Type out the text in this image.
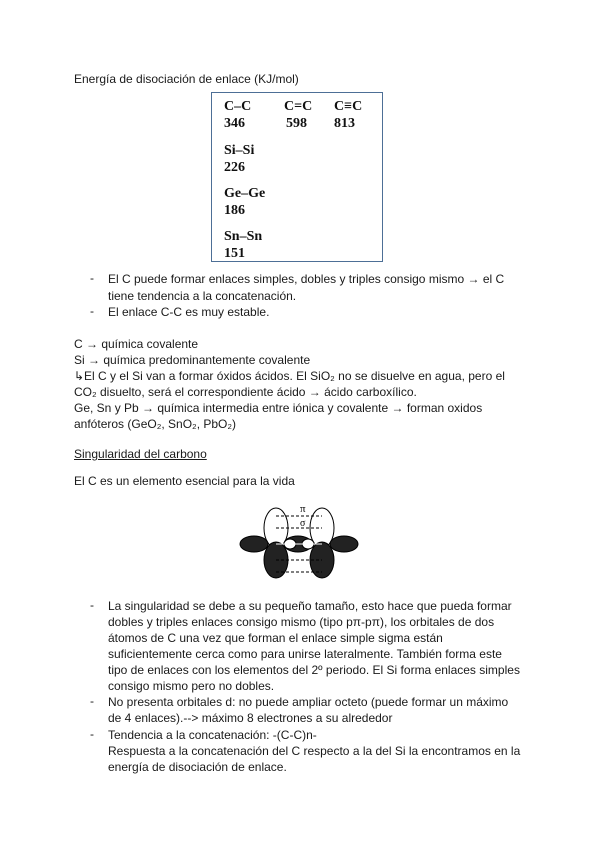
Energía de disociación de enlace (KJ/mol)
C–C C=C C≡C
346	598 813
Si–Si
226
Ge–Ge
186
Sn–Sn
151
- El C puede formar enlaces simples, dobles y triples consigo mismo → el C
tiene tendencia a la concatenación.
- El enlace C-C es muy estable.
C → química covalente
Si → química predominantemente covalente
↳El C y el Si van a formar óxidos ácidos. El SiO₂ no se disuelve en agua, pero el
CO₂ disuelto, será el correspondiente ácido → ácido carboxílico.
Ge, Sn y Pb → química intermedia entre iónica y covalente → forman oxidos
anfóteros (GeO₂, SnO₂, PbO₂)
Singularidad del carbono
El C es un elemento esencial para la vida
π
σ
- La singularidad se debe a su pequeño tamaño, esto hace que pueda formar
dobles y triples enlaces consigo mismo (tipo pπ-pπ), los orbitales de dos
átomos de C una vez que forman el enlace simple sigma están
suficientemente cerca como para unirse lateralmente. También forma este
tipo de enlaces con los elementos del 2º periodo. El Si forma enlaces simples
consigo mismo pero no dobles.
- No presenta orbitales d: no puede ampliar octeto (puede formar un máximo
de 4 enlaces).--> máximo 8 electrones a su alrededor
- Tendencia a la concatenación: -(C-C)n-
Respuesta a la concatenación del C respecto a la del Si la encontramos en la
energía de disociación de enlace.
